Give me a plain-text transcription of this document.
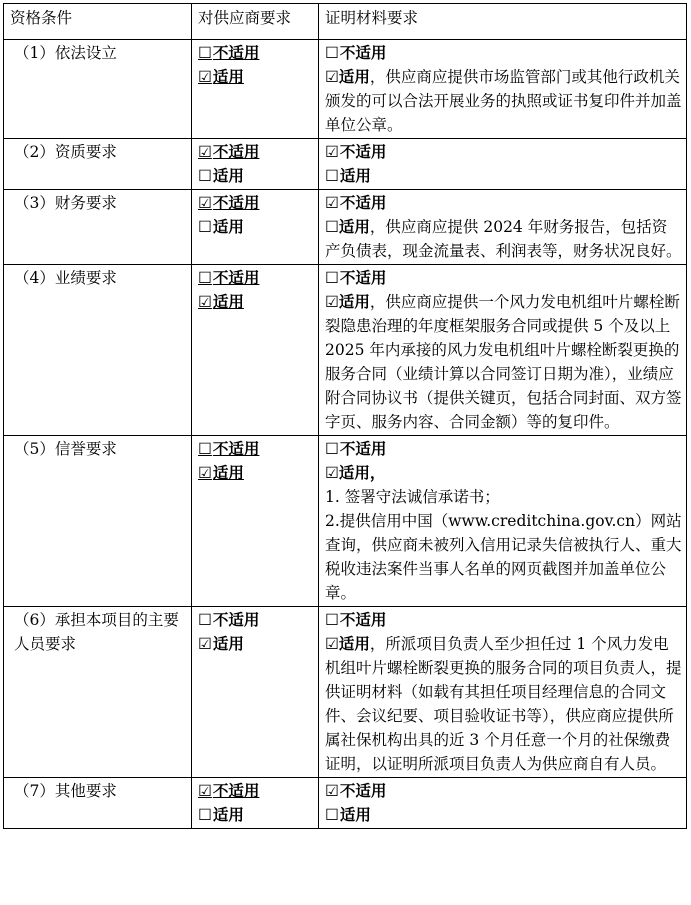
资格条件	对供应商要求	证明材料要求
（1）依法设立	☐不适用
☑适用	☐不适用
☑适用，供应商应提供市场监管部门或其他行政机关颁发的可以合法开展业务的执照或证书复印件并加盖单位公章。
（2）资质要求	☑不适用
☐适用	☑不适用
☐适用

（3）财务要求	☑不适用
☐适用	☑不适用
☐适用，供应商应提供 2024 年财务报告，包括资产负债表，现金流量表、利润表等，财务状况良好。
（4）业绩要求	☐不适用
☑适用	☐不适用
☑适用，供应商应提供一个风力发电机组叶片螺栓断裂隐患治理的年度框架服务合同或提供 5 个及以上 2025 年内承接的风力发电机组叶片螺栓断裂更换的服务合同（业绩计算以合同签订日期为准），业绩应附合同协议书（提供关键页，包括合同封面、双方签字页、服务内容、合同金额）等的复印件。
（5）信誉要求	☐不适用
☑适用	☐不适用
☑适用，
1. 签署守法诚信承诺书；
2.提供信用中国（www.creditchina.gov.cn）网站查询，供应商未被列入信用记录失信被执行人、重大税收违法案件当事人名单的网页截图并加盖单位公章。

（6）承担本项目的主要人员要求	☐不适用
☑适用	☐不适用
☑适用，所派项目负责人至少担任过 1 个风力发电机组叶片螺栓断裂更换的服务合同的项目负责人，提供证明材料（如载有其担任项目经理信息的合同文件、会议纪要、项目验收证书等），供应商应提供所属社保机构出具的近 3 个月任意一个月的社保缴费证明，以证明所派项目负责人为供应商自有人员。
（7）其他要求	☑不适用
☐适用	☑不适用
☐适用
